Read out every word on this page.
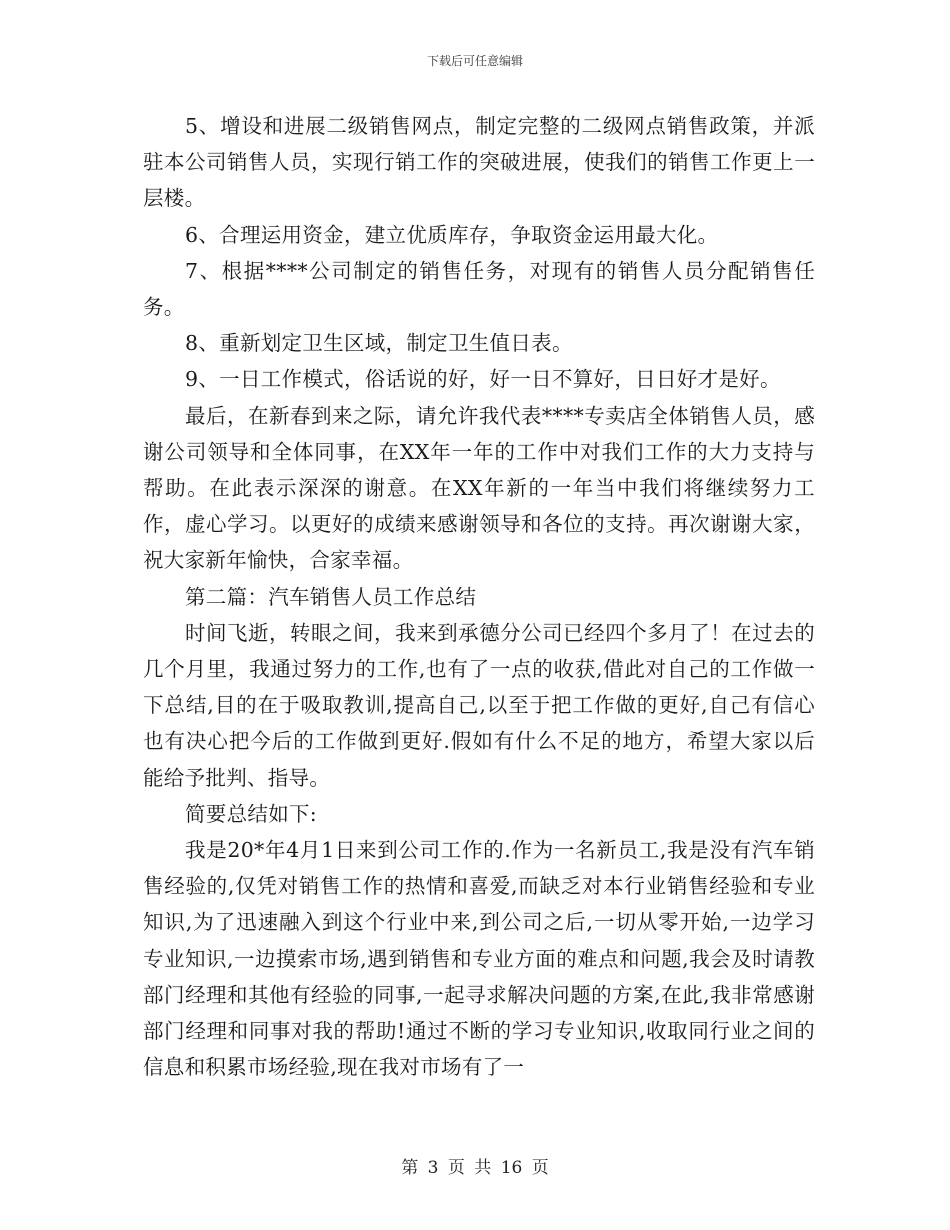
下载后可任意编辑

5、增设和进展二级销售网点，制定完整的二级网点销售政策，并派驻本公司销售人员，实现行销工作的突破进展，使我们的销售工作更上一层楼。

6、合理运用资金，建立优质库存，争取资金运用最大化。

7、根据****公司制定的销售任务，对现有的销售人员分配销售任务。

8、重新划定卫生区域，制定卫生值日表。

9、一日工作模式，俗话说的好，好一日不算好，日日好才是好。

最后，在新春到来之际，请允许我代表****专卖店全体销售人员，感谢公司领导和全体同事，在XX年一年的工作中对我们工作的大力支持与帮助。在此表示深深的谢意。在XX年新的一年当中我们将继续努力工作，虚心学习。以更好的成绩来感谢领导和各位的支持。再次谢谢大家，祝大家新年愉快，合家幸福。

第二篇：汽车销售人员工作总结

时间飞逝，转眼之间，我来到承德分公司已经四个多月了！在过去的几个月里，我通过努力的工作,也有了一点的收获,借此对自己的工作做一下总结,目的在于吸取教训,提高自己,以至于把工作做的更好,自己有信心也有决心把今后的工作做到更好.假如有什么不足的地方，希望大家以后能给予批判、指导。

简要总结如下:

我是20*年4月1日来到公司工作的.作为一名新员工,我是没有汽车销售经验的,仅凭对销售工作的热情和喜爱,而缺乏对本行业销售经验和专业知识,为了迅速融入到这个行业中来,到公司之后,一切从零开始,一边学习专业知识,一边摸索市场,遇到销售和专业方面的难点和问题,我会及时请教部门经理和其他有经验的同事,一起寻求解决问题的方案,在此,我非常感谢部门经理和同事对我的帮助!通过不断的学习专业知识,收取同行业之间的信息和积累市场经验,现在我对市场有了一

第 3 页 共 16 页
